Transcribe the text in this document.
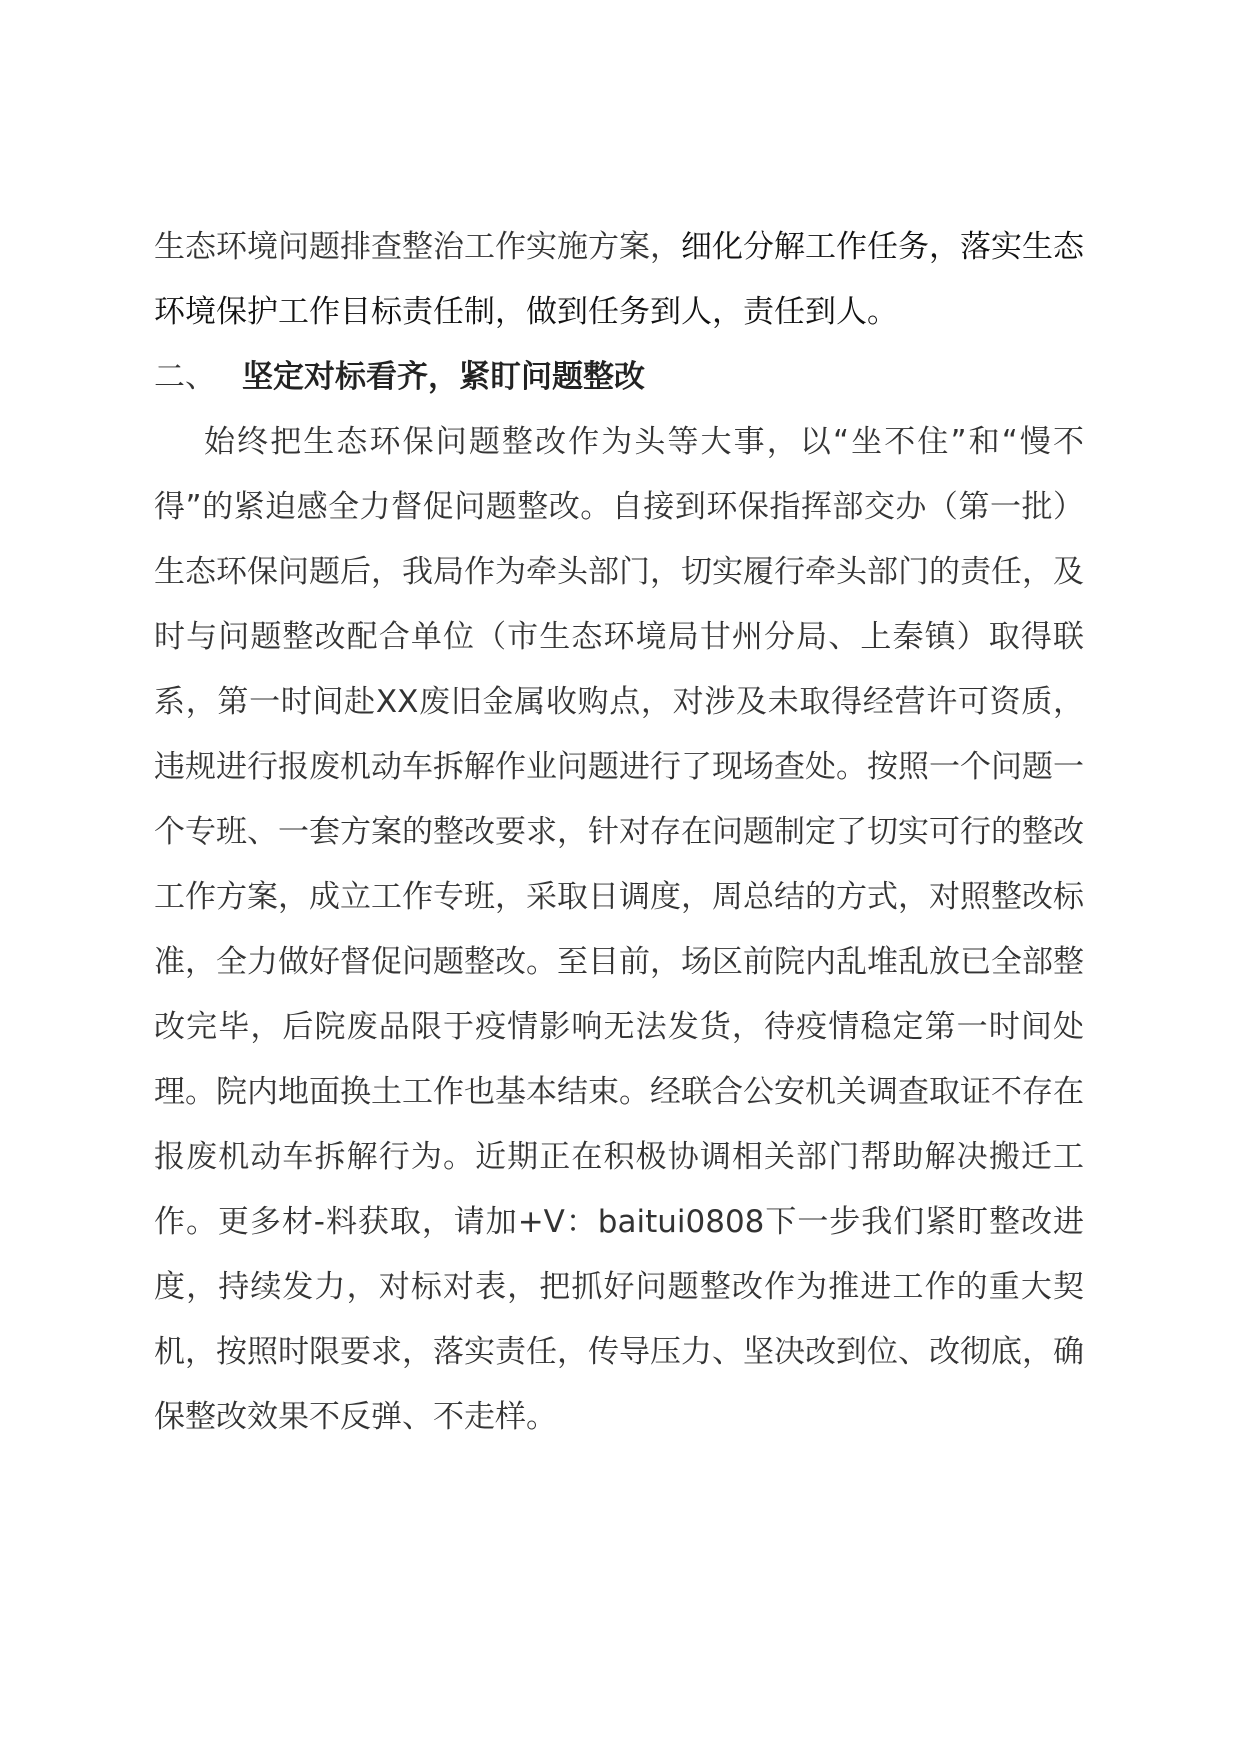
生态环境问题排查整治工作实施方案，细化分解工作任务，落实生态环境保护工作目标责任制，做到任务到人，责任到人。

二、 坚定对标看齐，紧盯问题整改

始终把生态环保问题整改作为头等大事，以“坐不住”和“慢不得”的紧迫感全力督促问题整改。自接到环保指挥部交办（第一批）生态环保问题后，我局作为牵头部门，切实履行牵头部门的责任，及时与问题整改配合单位（市生态环境局甘州分局、上秦镇）取得联系，第一时间赴XX废旧金属收购点，对涉及未取得经营许可资质，违规进行报废机动车拆解作业问题进行了现场查处。按照一个问题一个专班、一套方案的整改要求，针对存在问题制定了切实可行的整改工作方案，成立工作专班，采取日调度，周总结的方式，对照整改标准，全力做好督促问题整改。至目前，场区前院内乱堆乱放已全部整改完毕，后院废品限于疫情影响无法发货，待疫情稳定第一时间处理。院内地面换土工作也基本结束。经联合公安机关调查取证不存在报废机动车拆解行为。近期正在积极协调相关部门帮助解决搬迁工作。更多材-料获取，请加+V：baitui0808下一步我们紧盯整改进度，持续发力，对标对表，把抓好问题整改作为推进工作的重大契机，按照时限要求，落实责任，传导压力、坚决改到位、改彻底，确保整改效果不反弹、不走样。
